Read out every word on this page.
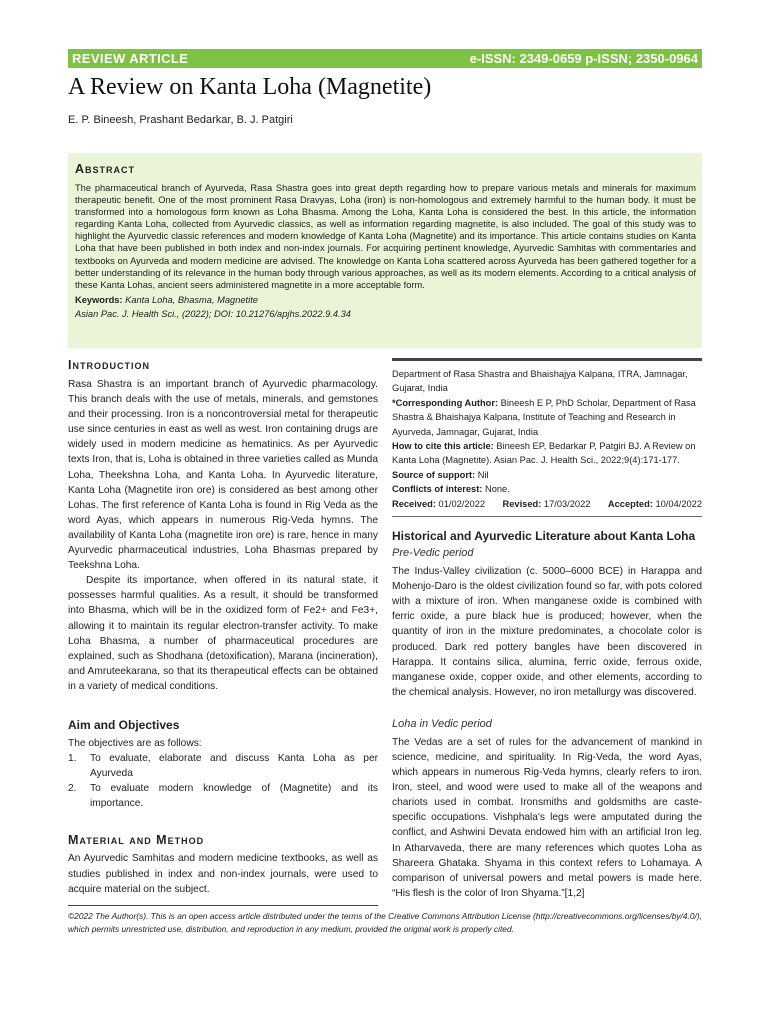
REVIEW ARTICLE	e-ISSN: 2349-0659 p-ISSN; 2350-0964
A Review on Kanta Loha (Magnetite)
E. P. Bineesh, Prashant Bedarkar, B. J. Patgiri
Abstract
The pharmaceutical branch of Ayurveda, Rasa Shastra goes into great depth regarding how to prepare various metals and minerals for maximum therapeutic benefit. One of the most prominent Rasa Dravyas, Loha (iron) is non-homologous and extremely harmful to the human body. It must be transformed into a homologous form known as Loha Bhasma. Among the Loha, Kanta Loha is considered the best. In this article, the information regarding Kanta Loha, collected from Ayurvedic classics, as well as information regarding magnetite, is also included. The goal of this study was to highlight the Ayurvedic classic references and modern knowledge of Kanta Loha (Magnetite) and its importance. This article contains studies on Kanta Loha that have been published in both index and non-index journals. For acquiring pertinent knowledge, Ayurvedic Samhitas with commentaries and textbooks on Ayurveda and modern medicine are advised. The knowledge on Kanta Loha scattered across Ayurveda has been gathered together for a better understanding of its relevance in the human body through various approaches, as well as its modern elements. According to a critical analysis of these Kanta Lohas, ancient seers administered magnetite in a more acceptable form.
Keywords: Kanta Loha, Bhasma, Magnetite
Asian Pac. J. Health Sci., (2022); DOI: 10.21276/apjhs.2022.9.4.34
Introduction
Rasa Shastra is an important branch of Ayurvedic pharmacology. This branch deals with the use of metals, minerals, and gemstones and their processing. Iron is a noncontroversial metal for therapeutic use since centuries in east as well as west. Iron containing drugs are widely used in modern medicine as hematinics. As per Ayurvedic texts Iron, that is, Loha is obtained in three varieties called as Munda Loha, Theekshna Loha, and Kanta Loha. In Ayurvedic literature, Kanta Loha (Magnetite iron ore) is considered as best among other Lohas. The first reference of Kanta Loha is found in Rig Veda as the word Ayas, which appears in numerous Rig-Veda hymns. The availability of Kanta Loha (magnetite iron ore) is rare, hence in many Ayurvedic pharmaceutical industries, Loha Bhasmas prepared by Teekshna Loha.
Despite its importance, when offered in its natural state, it possesses harmful qualities. As a result, it should be transformed into Bhasma, which will be in the oxidized form of Fe2+ and Fe3+, allowing it to maintain its regular electron-transfer activity. To make Loha Bhasma, a number of pharmaceutical procedures are explained, such as Shodhana (detoxification), Marana (incineration), and Amruteekarana, so that its therapeutical effects can be obtained in a variety of medical conditions.
Aim and Objectives
The objectives are as follows:
1.	To evaluate, elaborate and discuss Kanta Loha as per Ayurveda
2.	To evaluate modern knowledge of (Magnetite) and its importance.
Material and Method
An Ayurvedic Samhitas and modern medicine textbooks, as well as studies published in index and non-index journals, were used to acquire material on the subject.
Department of Rasa Shastra and Bhaishajya Kalpana, ITRA, Jamnagar, Gujarat, India
*Corresponding Author: Bineesh E P, PhD Scholar, Department of Rasa Shastra & Bhaishajya Kalpana, Institute of Teaching and Research in Ayurveda, Jamnagar, Gujarat, India
How to cite this article: Bineesh EP, Bedarkar P, Patgiri BJ. A Review on Kanta Loha (Magnetite). Asian Pac. J. Health Sci., 2022;9(4):171-177.
Source of support: Nil
Conflicts of interest: None.
Received: 01/02/2022 Revised: 17/03/2022 Accepted: 10/04/2022
Historical and Ayurvedic Literature about Kanta Loha
Pre-Vedic period
The Indus-Valley civilization (c. 5000–6000 BCE) in Harappa and Mohenjo-Daro is the oldest civilization found so far, with pots colored with a mixture of iron. When manganese oxide is combined with ferric oxide, a pure black hue is produced; however, when the quantity of iron in the mixture predominates, a chocolate color is produced. Dark red pottery bangles have been discovered in Harappa. It contains silica, alumina, ferric oxide, ferrous oxide, manganese oxide, copper oxide, and other elements, according to the chemical analysis. However, no iron metallurgy was discovered.
Loha in Vedic period
The Vedas are a set of rules for the advancement of mankind in science, medicine, and spirituality. In Rig-Veda, the word Ayas, which appears in numerous Rig-Veda hymns, clearly refers to iron. Iron, steel, and wood were used to make all of the weapons and chariots used in combat. Ironsmiths and goldsmiths are caste-specific occupations. Vishphala's legs were amputated during the conflict, and Ashwini Devata endowed him with an artificial Iron leg. In Atharvaveda, there are many references which quotes Loha as Shareera Ghataka. Shyama in this context refers to Lohamaya. A comparison of universal powers and metal powers is made here. “His flesh is the color of Iron Shyama.”[1,2]
©2022 The Author(s). This is an open access article distributed under the terms of the Creative Commons Attribution License (http://creativecommons.org/licenses/by/4.0/), which permits unrestricted use, distribution, and reproduction in any medium, provided the original work is properly cited.
